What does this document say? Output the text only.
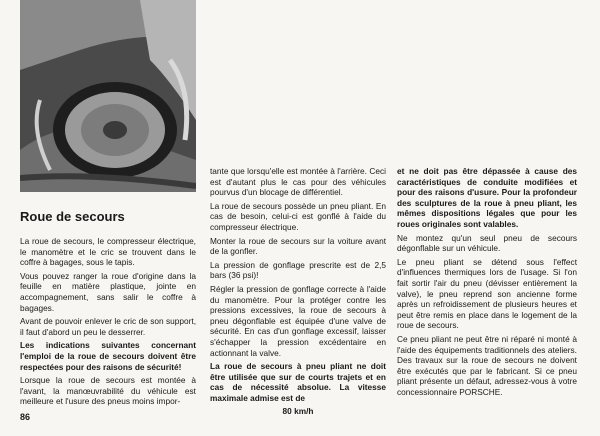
Roue de secours

La roue de secours, le compresseur électrique, le manomètre et le cric se trouvent dans le coffre à bagages, sous le tapis.

Vous pouvez ranger la roue d'origine dans la feuille en matière plastique, jointe en accompagnement, sans salir le coffre à bagages.

Avant de pouvoir enlever le cric de son support, il faut d'abord un peu le desserrer.

Les indications suivantes concernant l'emploi de la roue de secours doivent être respectées pour des raisons de sécurité!

Lorsque la roue de secours est montée à l'avant, la manœuvrabilité du véhicule est meilleure et l'usure des pneus moins impor-

tante que lorsqu'elle est montée à l'arrière. Ceci est d'autant plus le cas pour des véhicules pourvus d'un blocage de différentiel.

La roue de secours possède un pneu pliant. En cas de besoin, celui-ci est gonflé à l'aide du compresseur électrique.

Monter la roue de secours sur la voiture avant de la gonfler.

La pression de gonflage prescrite est de 2,5 bars (36 psi)!

Régler la pression de gonflage correcte à l'aide du manomètre. Pour la protéger contre les pressions excessives, la roue de secours à pneu dégonflable est équipée d'une valve de sécurité. En cas d'un gonflage excessif, laisser s'échapper la pression excédentaire en actionnant la valve.

La roue de secours à pneu pliant ne doit être utilisée que sur de courts trajets et en cas de nécessité absolue. La vitesse maximale admise est de

80 km/h

et ne doit pas être dépassée à cause des caractéristiques de conduite modifiées et pour des raisons d'usure. Pour la profondeur des sculptures de la roue à pneu pliant, les mêmes dispositions légales que pour les roues originales sont valables.

Ne montez qu'un seul pneu de secours dégonflable sur un véhicule.

Le pneu pliant se détend sous l'effect d'influences thermiques lors de l'usage. Si l'on fait sortir l'air du pneu (dévisser entièrement la valve), le pneu reprend son ancienne forme après un refroidissement de plusieurs heures et peut être remis en place dans le logement de la roue de secours.

Ce pneu pliant ne peut être ni réparé ni monté à l'aide des équipements traditionnels des ateliers. Des travaux sur la roue de secours ne doivent être exécutés que par le fabricant. Si ce pneu pliant présente un défaut, adressez-vous à votre concessionnaire PORSCHE.

86
